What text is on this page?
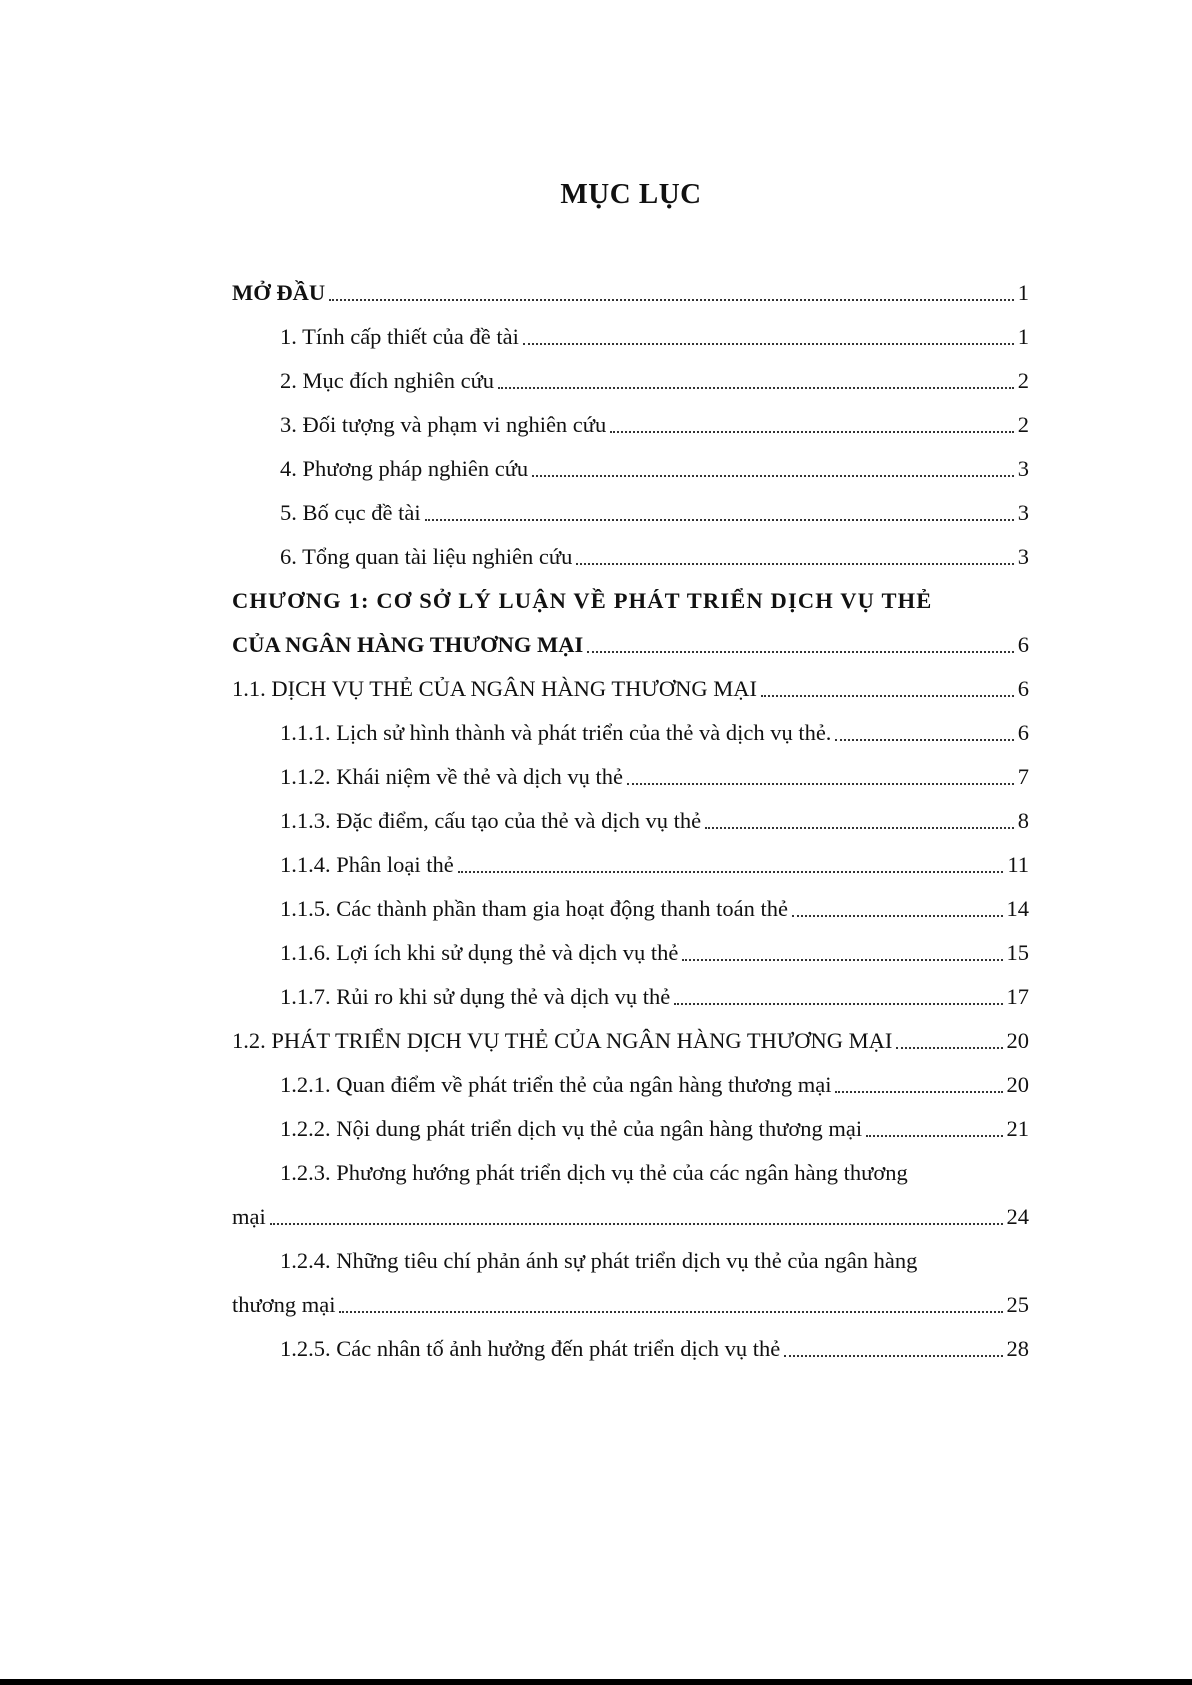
MỤC LỤC
MỞ ĐẦU	1
1. Tính cấp thiết của đề tài	1
2. Mục đích nghiên cứu	2
3. Đối tượng và phạm vi nghiên cứu	2
4. Phương pháp nghiên cứu	3
5. Bố cục đề tài	3
6. Tổng quan tài liệu nghiên cứu	3
CHƯƠNG 1: CƠ SỞ LÝ LUẬN VỀ PHÁT TRIỂN DỊCH VỤ THẺ
CỦA NGÂN HÀNG THƯƠNG MẠI	6
1.1. DỊCH VỤ THẺ CỦA NGÂN HÀNG THƯƠNG MẠI	6
1.1.1. Lịch sử hình thành và phát triển của thẻ và dịch vụ thẻ.	6
1.1.2. Khái niệm về thẻ và dịch vụ thẻ	7
1.1.3. Đặc điểm, cấu tạo của thẻ và dịch vụ thẻ	8
1.1.4. Phân loại thẻ	11
1.1.5. Các thành phần tham gia hoạt động thanh toán thẻ	14
1.1.6. Lợi ích khi sử dụng thẻ và dịch vụ thẻ	15
1.1.7. Rủi ro khi sử dụng thẻ và dịch vụ thẻ	17
1.2. PHÁT TRIỂN DỊCH VỤ THẺ CỦA NGÂN HÀNG THƯƠNG MẠI	20
1.2.1. Quan điểm về phát triển thẻ của ngân hàng thương mại	20
1.2.2. Nội dung phát triển dịch vụ thẻ của ngân hàng thương mại	21
1.2.3. Phương hướng phát triển dịch vụ thẻ của các ngân hàng thương
mại	24
1.2.4. Những tiêu chí phản ánh sự phát triển dịch vụ thẻ của ngân hàng
thương mại	25
1.2.5. Các nhân tố ảnh hưởng đến phát triển dịch vụ thẻ	28
